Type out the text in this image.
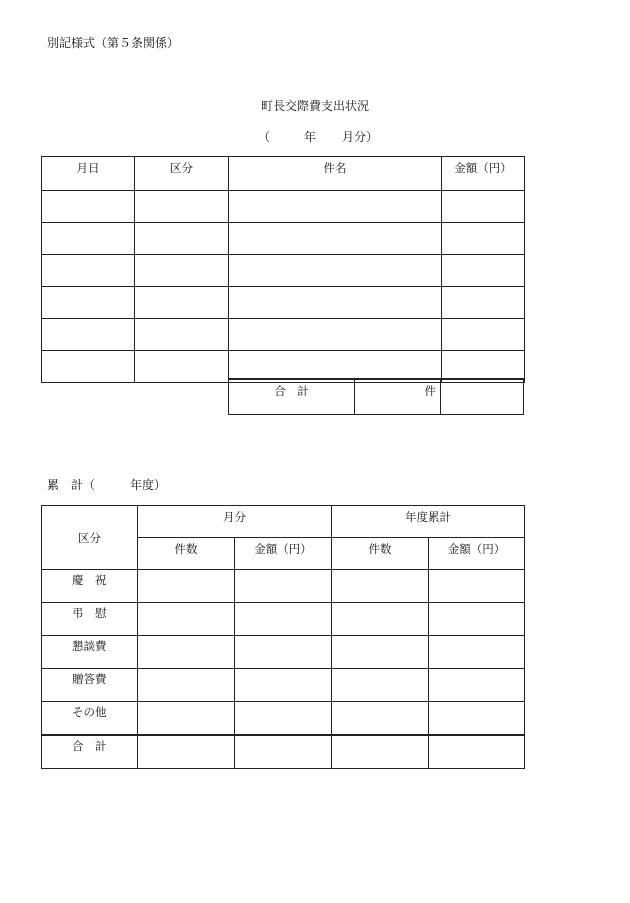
別記様式（第５条関係）
町長交際費支出状況
（	年 月分）
月日	区分	件名	金額（円）

合　計	件	
累　計（	年度）
区分	月分		年度累計	
	件数	金額（円）	件数	金額（円）
慶　祝				
弔　慰				
懇談費				
贈答費				
その他				
合　計				
